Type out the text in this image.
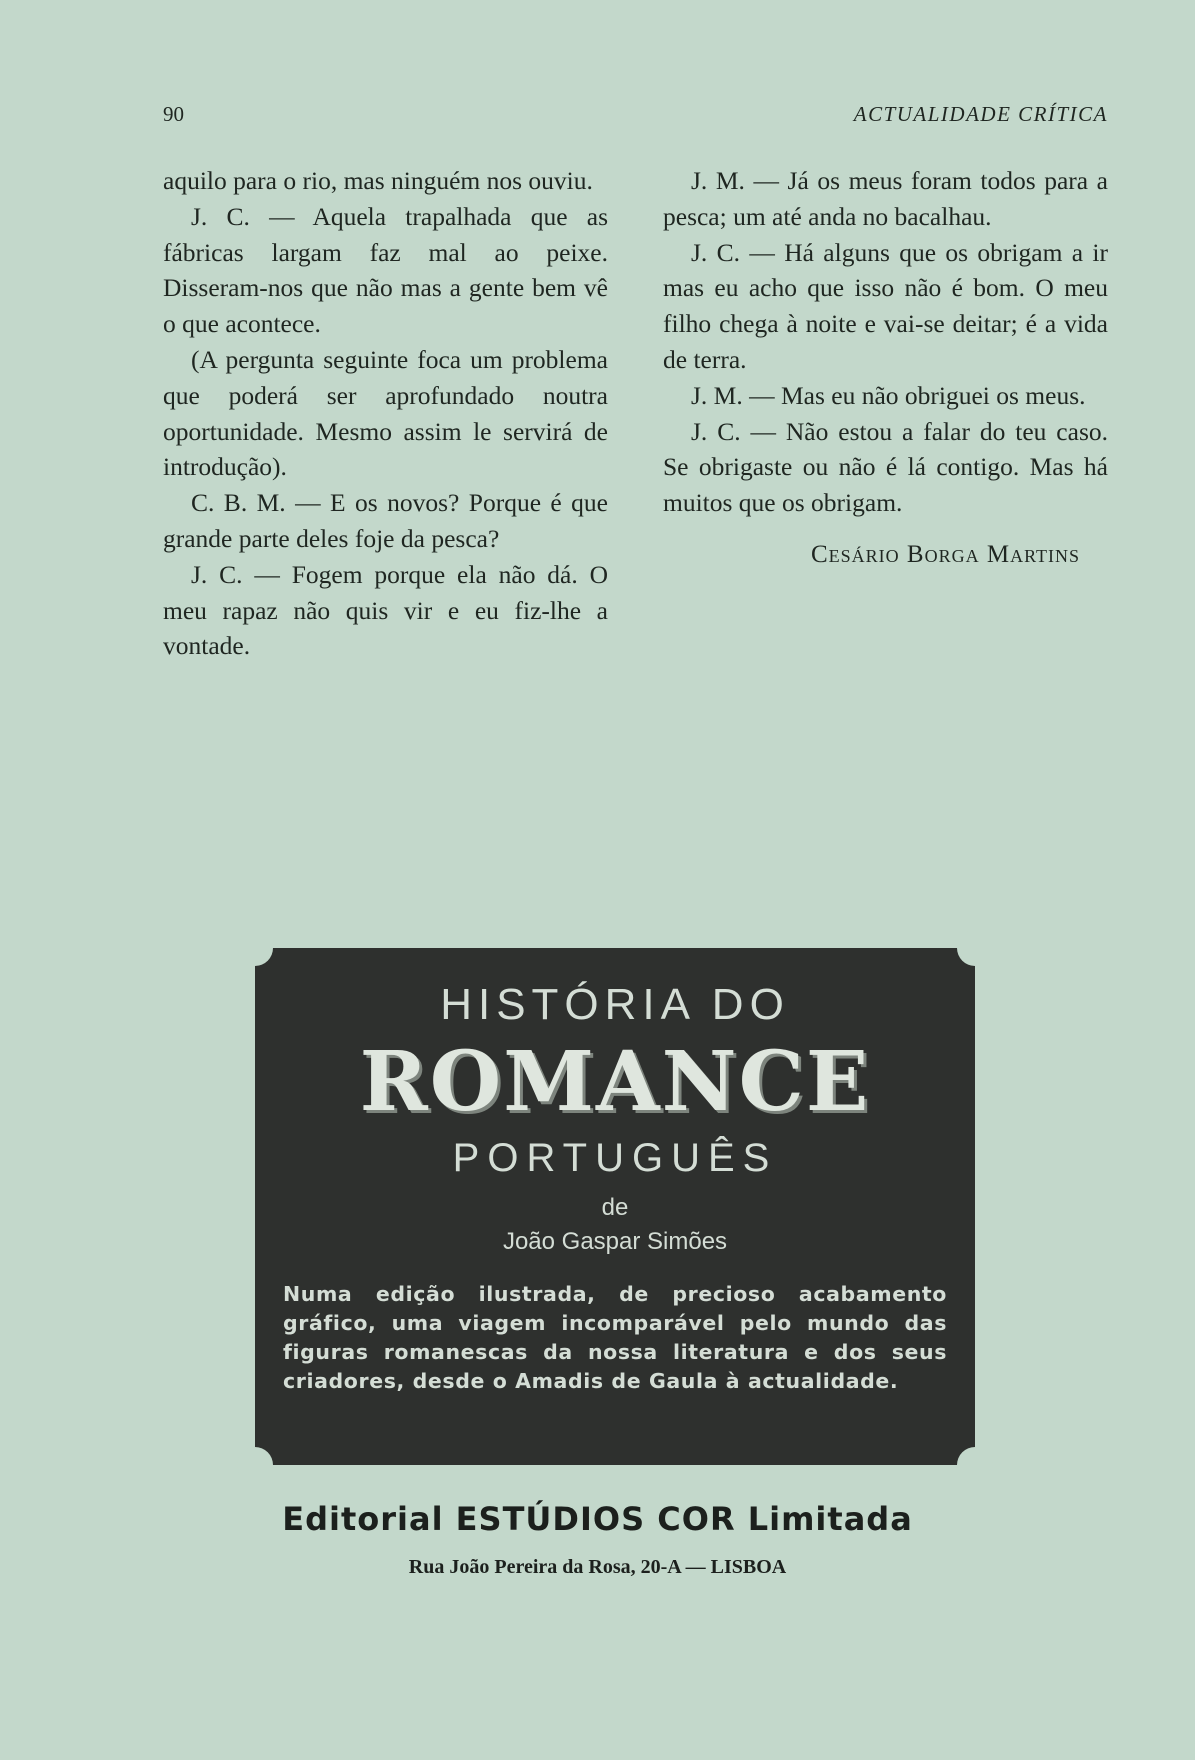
90	ACTUALIDADE CRÍTICA

aquilo para o rio, mas ninguém nos ouviu.

J. C. — Aquela trapalhada que as fábricas largam faz mal ao peixe. Disseram-nos que não mas a gente bem vê o que acontece.

(A pergunta seguinte foca um problema que poderá ser aprofundado noutra oportunidade. Mesmo assim le servirá de introdução).

C. B. M. — E os novos? Porque é que grande parte deles foje da pesca?

J. C. — Fogem porque ela não dá. O meu rapaz não quis vir e eu fiz-lhe a vontade.

J. M. — Já os meus foram todos para a pesca; um até anda no bacalhau.

J. C. — Há alguns que os obrigam a ir mas eu acho que isso não é bom. O meu filho chega à noite e vai-se deitar; é a vida de terra.

J. M. — Mas eu não obriguei os meus.

J. C. — Não estou a falar do teu caso. Se obrigaste ou não é lá contigo. Mas há muitos que os obrigam.

Cesário Borga Martins
HISTÓRIA DO
ROMANCE
PORTUGUÊS
de
João Gaspar Simões
Numa edição ilustrada, de precioso acabamento gráfico, uma viagem incomparável pelo mundo das figuras romanescas da nossa literatura e dos seus criadores, desde o Amadis de Gaula à actualidade.
Editorial ESTÚDIOS COR Limitada
Rua João Pereira da Rosa, 20-A — LISBOA
